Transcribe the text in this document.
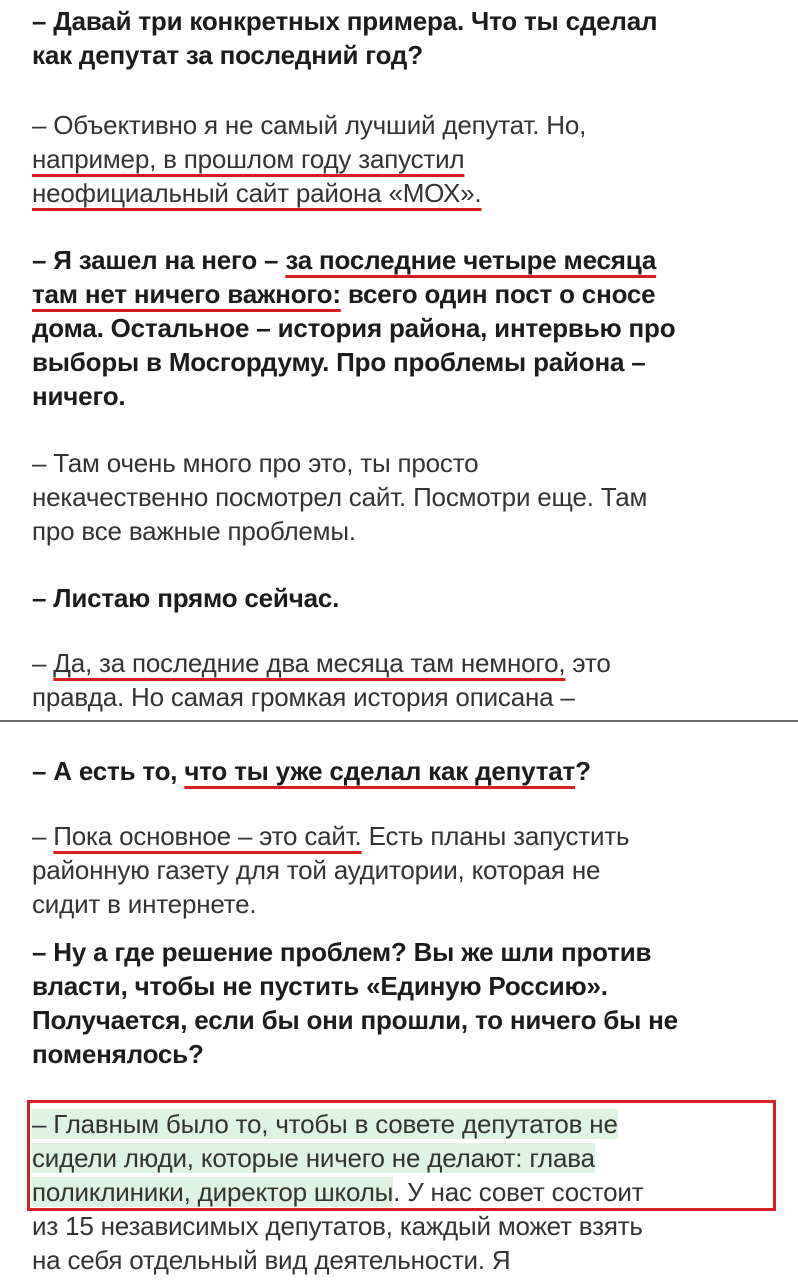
– Давай три конкретных примера. Что ты сделал
как депутат за последний год?

– Объективно я не самый лучший депутат. Но,
например, в прошлом году запустил
неофициальный сайт района «МОХ».

– Я зашел на него – за последние четыре месяца
там нет ничего важного: всего один пост о сносе
дома. Остальное – история района, интервью про
выборы в Мосгордуму. Про проблемы района –
ничего.

– Там очень много про это, ты просто
некачественно посмотрел сайт. Посмотри еще. Там
про все важные проблемы.

– Листаю прямо сейчас.

– Да, за последние два месяца там немного, это
правда. Но самая громкая история описана –

– А есть то, что ты уже сделал как депутат?

– Пока основное – это сайт. Есть планы запустить
районную газету для той аудитории, которая не
сидит в интернете.

– Ну а где решение проблем? Вы же шли против
власти, чтобы не пустить «Единую Россию».
Получается, если бы они прошли, то ничего бы не
поменялось?

– Главным было то, чтобы в совете депутатов не
сидели люди, которые ничего не делают: глава
поликлиники, директор школы. У нас совет состоит
из 15 независимых депутатов, каждый может взять
на себя отдельный вид деятельности. Я
